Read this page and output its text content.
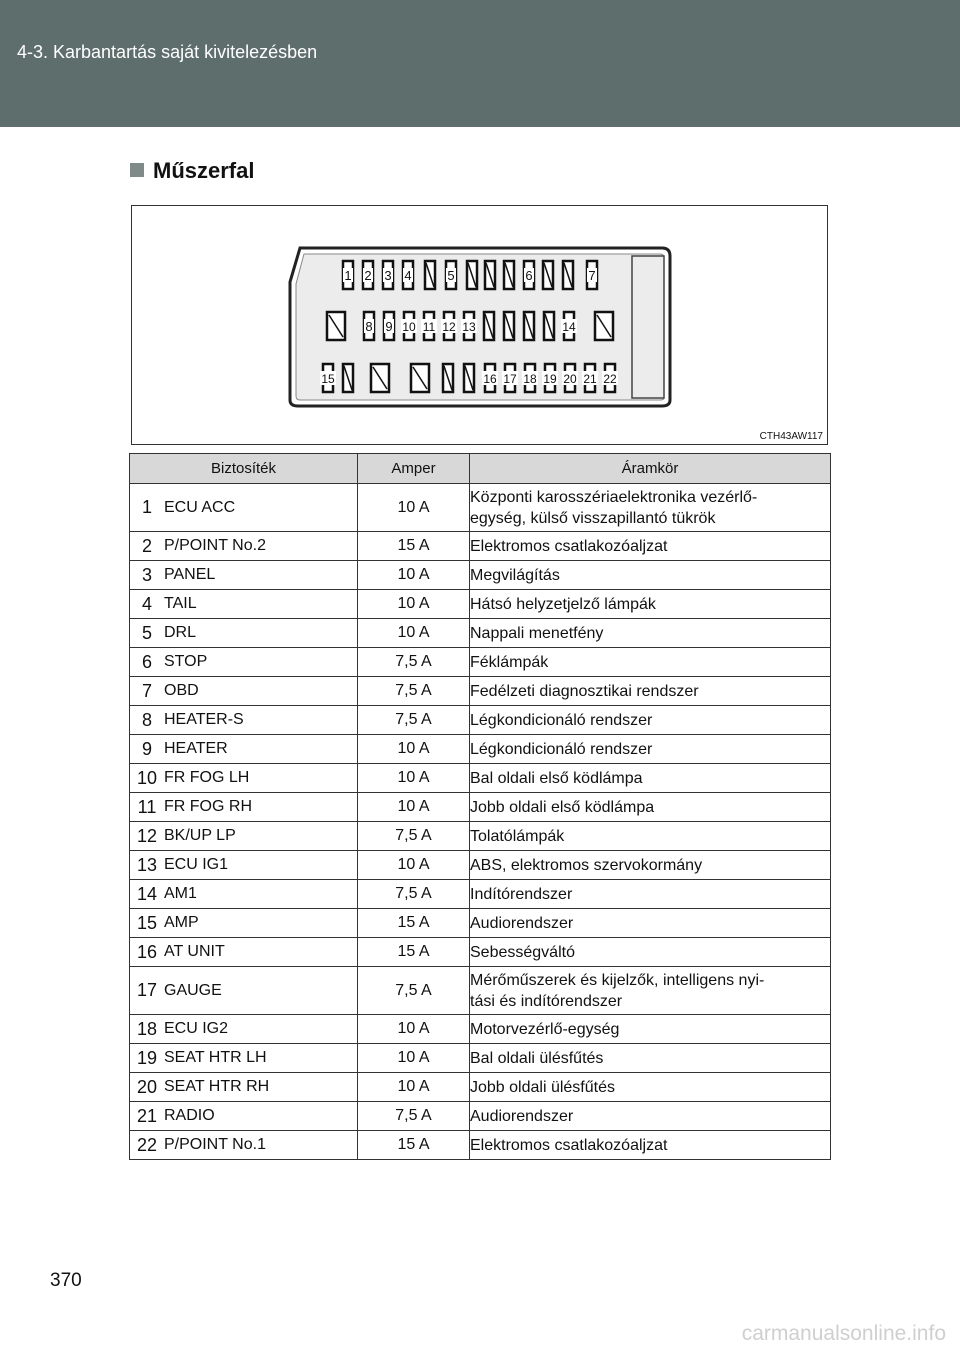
4-3. Karbantartás saját kivitelezésben
Műszerfal
1 2 3 4	5	6	7
8 9 10 11 12 13	14
15	16 17 18 19 20 21 22
CTH43AW117
Biztosíték		Amper	Áramkör
1	ECU ACC	10 A	Központi karosszériaelektronika vezérlő-
egység, külső visszapillantó tükrök

2	P/POINT No.2	15 A	Elektromos csatlakozóaljzat

3	PANEL	10 A	Megvilágítás

4	TAIL	10 A	Hátsó helyzetjelző lámpák

5	DRL	10 A	Nappali menetfény

6	STOP	7,5 A	Féklámpák

7	OBD	7,5 A	Fedélzeti diagnosztikai rendszer

8	HEATER-S	7,5 A	Légkondicionáló rendszer

9	HEATER	10 A	Légkondicionáló rendszer

10	FR FOG LH	10 A	Bal oldali első ködlámpa

11	FR FOG RH	10 A	Jobb oldali első ködlámpa

12	BK/UP LP	7,5 A	Tolatólámpák

13	ECU IG1	10 A	ABS, elektromos szervokormány

14	AM1	7,5 A	Indítórendszer

15	AMP	15 A	Audiorendszer

16	AT UNIT	15 A	Sebességváltó

17	GAUGE	7,5 A	Mérőműszerek és kijelzők, intelligens nyi-
tási és indítórendszer

18	ECU IG2	10 A	Motorvezérlő-egység

19	SEAT HTR LH	10 A	Bal oldali ülésfűtés

20	SEAT HTR RH	10 A	Jobb oldali ülésfűtés

21	RADIO	7,5 A	Audiorendszer

22	P/POINT No.1	15 A	Elektromos csatlakozóaljzat
370
carmanualsonline.info
